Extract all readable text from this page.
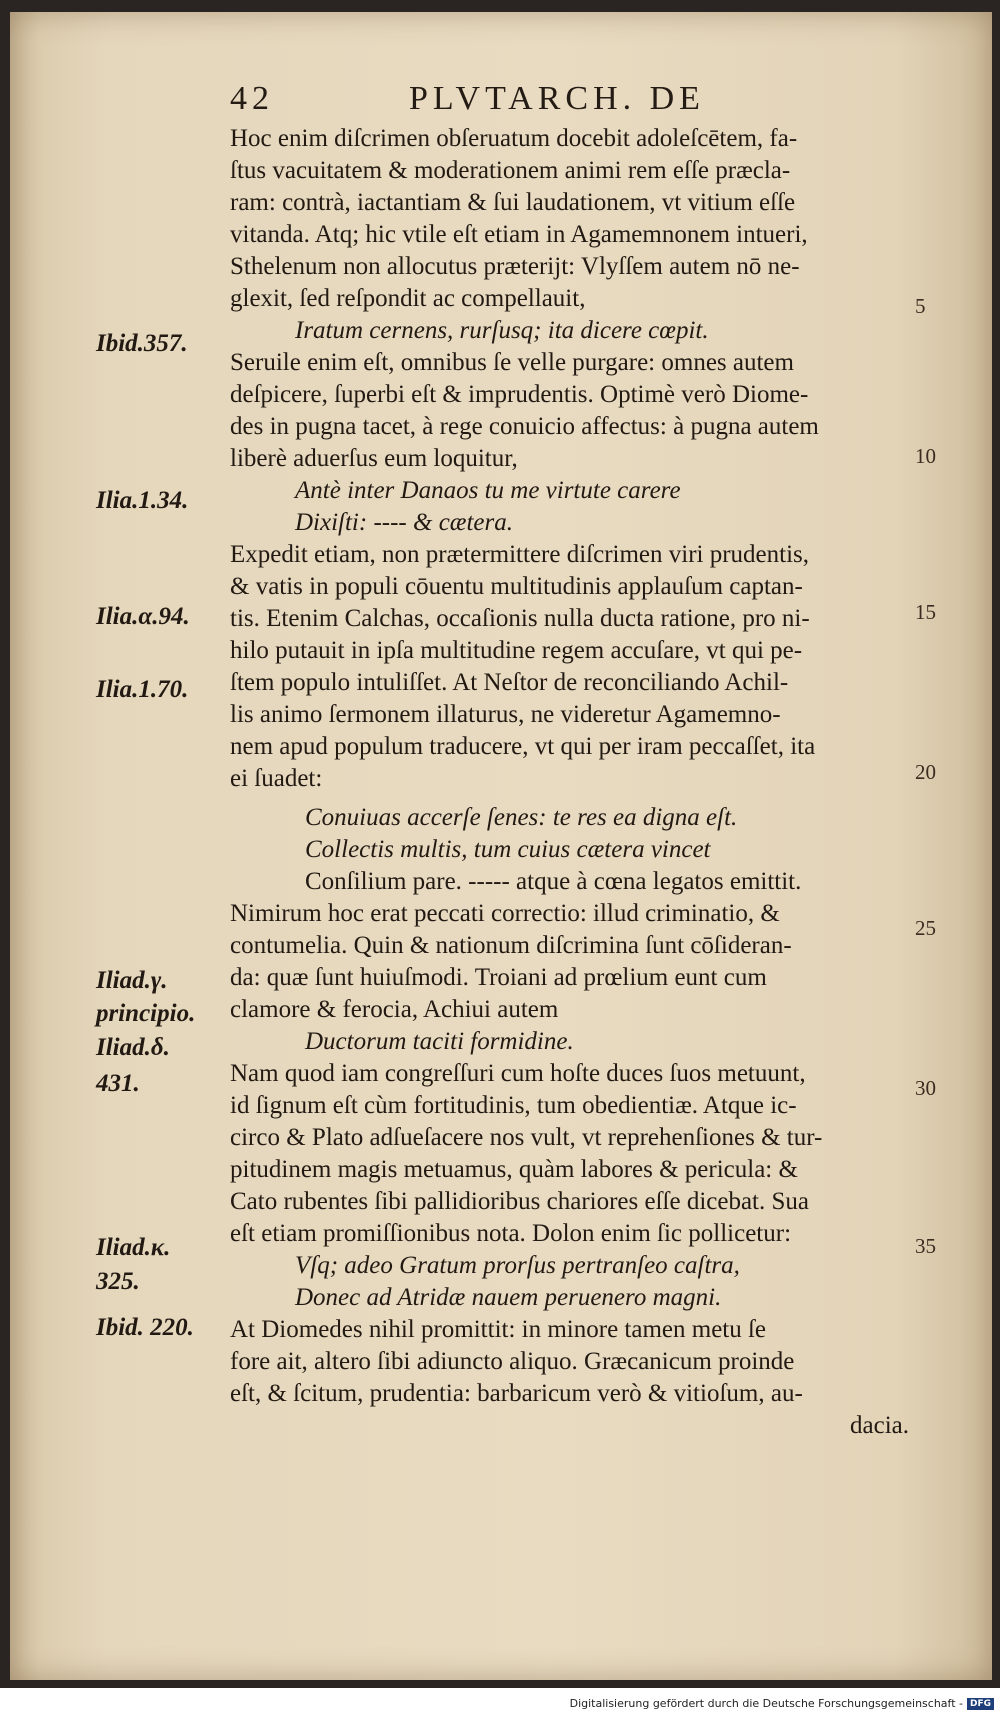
42	PLVTARCH. DE
Hoc enim diſcrimen obſeruatum docebit adoleſcētem, fa-
ſtus vacuitatem & moderationem animi rem eſſe præcla-
ram: contrà, iactantiam & ſui laudationem, vt vitium eſſe
vitanda. Atq; hic vtile eſt etiam in Agamemnonem intueri,
Sthelenum non allocutus præterijt: Vlyſſem autem nō ne-
glexit, ſed reſpondit ac compellauit,
Iratum cernens, rurſusq; ita dicere cœpit.
Seruile enim eſt, omnibus ſe velle purgare: omnes autem
deſpicere, ſuperbi eſt & imprudentis. Optimè verò Diome-
des in pugna tacet, à rege conuicio affectus: à pugna autem
liberè aduerſus eum loquitur,
Antè inter Danaos tu me virtute carere
Dixiſti: ---- & cætera.
Expedit etiam, non prætermittere diſcrimen viri prudentis,
& vatis in populi cōuentu multitudinis applauſum captan-
tis. Etenim Calchas, occaſionis nulla ducta ratione, pro ni-
hilo putauit in ipſa multitudine regem accuſare, vt qui pe-
ſtem populo intuliſſet. At Neſtor de reconciliando Achil-
lis animo ſermonem illaturus, ne videretur Agamemno-
nem apud populum traducere, vt qui per iram peccaſſet, ita
ei ſuadet:
Conuiuas accerſe ſenes: te res ea digna eſt.
Collectis multis, tum cuius cætera vincet
Conſilium pare. ----- atque à cœna legatos emittit.
Nimirum hoc erat peccati correctio: illud criminatio, &
contumelia. Quin & nationum diſcrimina ſunt cōſideran-
da: quæ ſunt huiuſmodi. Troiani ad prœlium eunt cum
clamore & ferocia, Achiui autem
Ductorum taciti formidine.
Nam quod iam congreſſuri cum hoſte duces ſuos metuunt,
id ſignum eſt cùm fortitudinis, tum obedientiæ. Atque ic-
circo & Plato adſueſacere nos vult, vt reprehenſiones & tur-
pitudinem magis metuamus, quàm labores & pericula: &
Cato rubentes ſibi pallidioribus chariores eſſe dicebat. Sua
eſt etiam promiſſionibus nota. Dolon enim ſic pollicetur:
Vſq; adeo Gratum prorſus pertranſeo caſtra,
Donec ad Atridæ nauem peruenero magni.
At Diomedes nihil promittit: in minore tamen metu ſe
fore ait, altero ſibi adiuncto aliquo. Græcanicum proinde
eſt, & ſcitum, prudentia: barbaricum verò & vitioſum, au-
dacia.
Ibid.357.
Ilia.1.34.
Ilia.α.94.
Ilia.1.70.
Iliad.γ.
principio.
Iliad.δ.
431.
Iliad.κ.
325.
Ibid. 220.
5
10
15
20
25
30
35
Digitalisierung gefördert durch die Deutsche Forschungsgemeinschaft - DFG
